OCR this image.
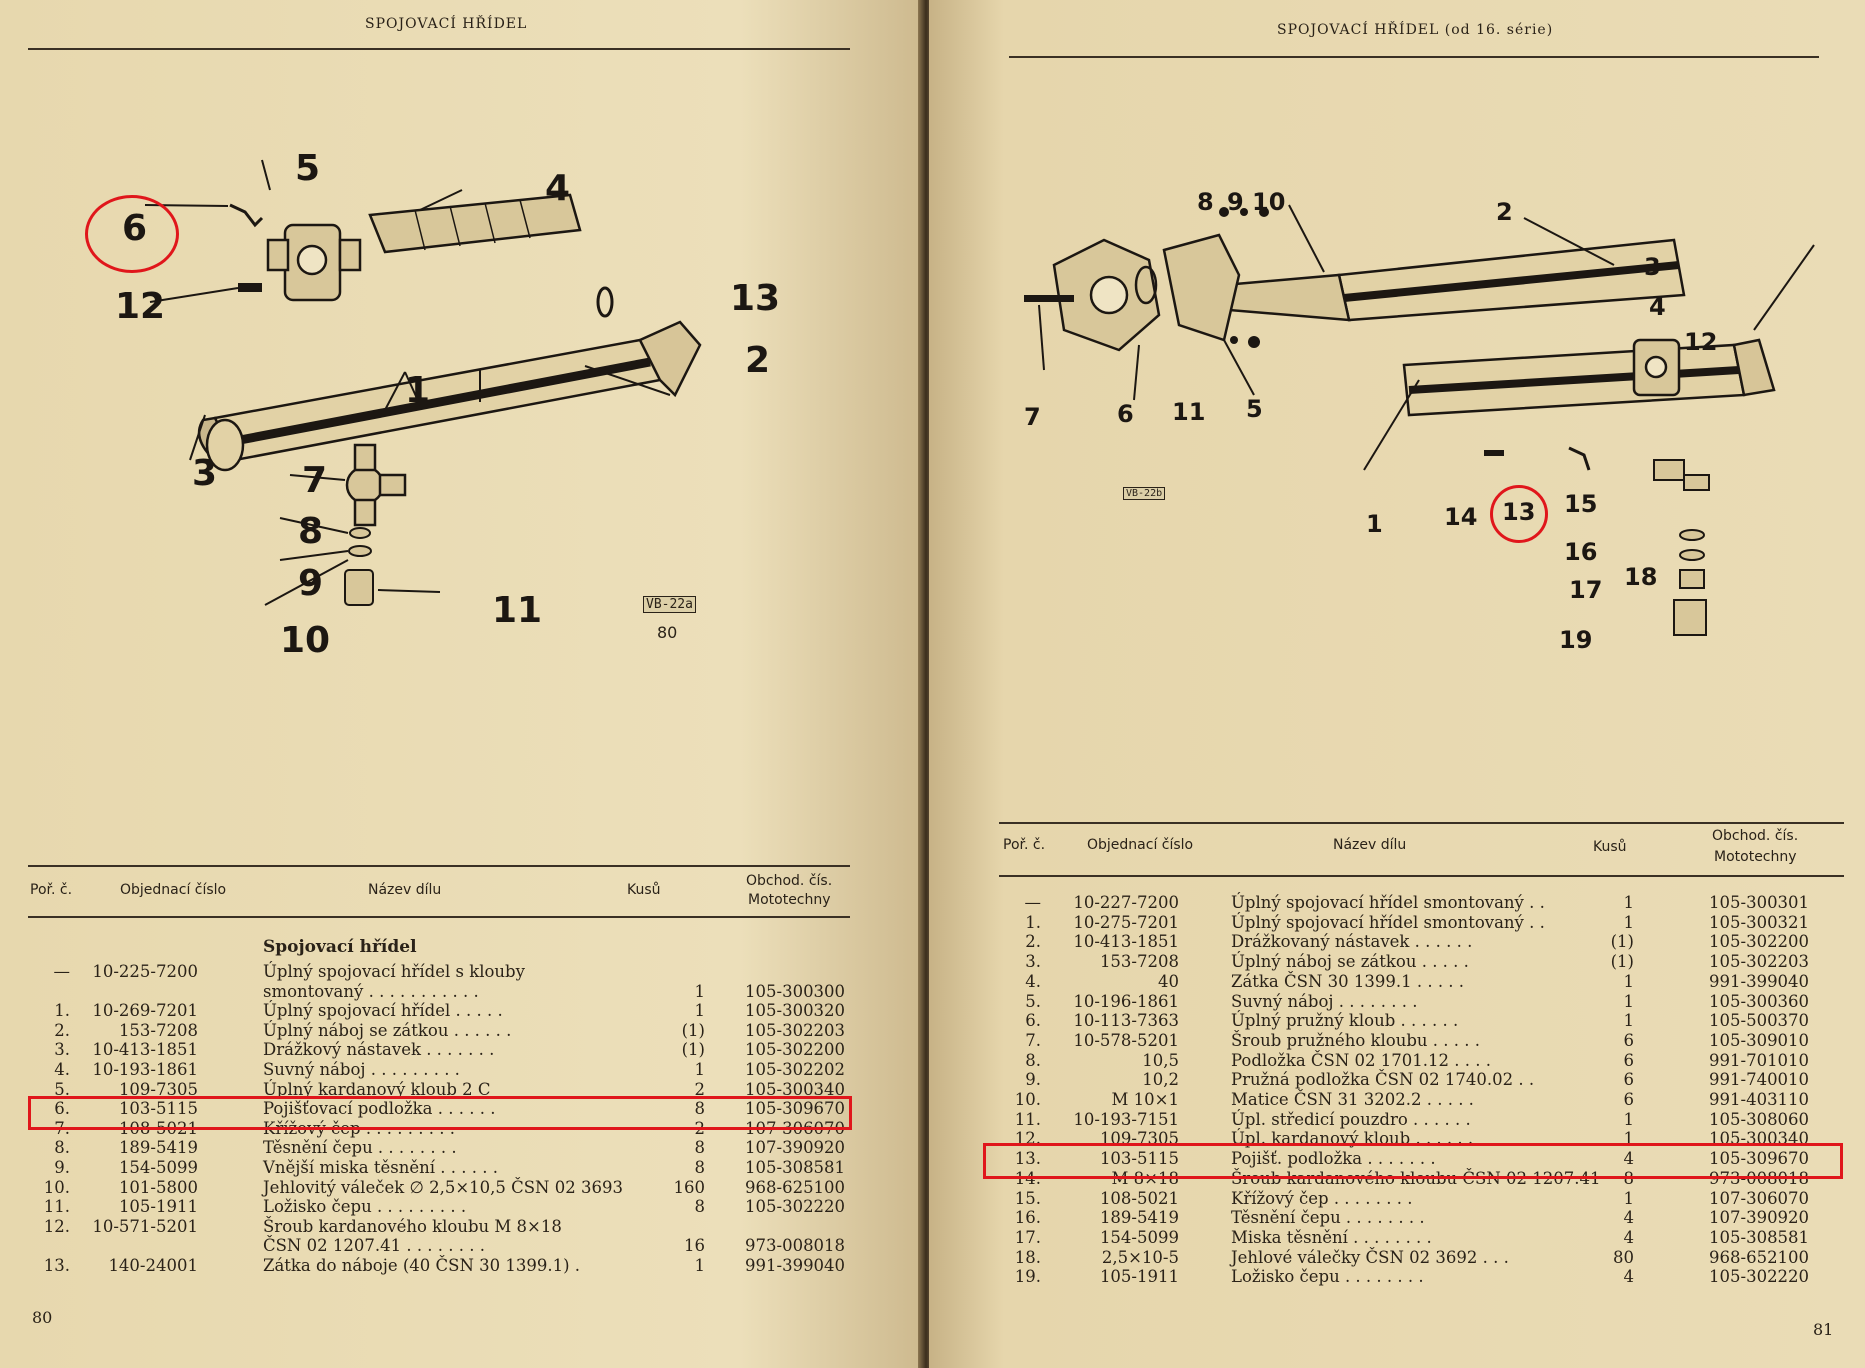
SPOJOVACÍ HŘÍDEL
1
2
3
4
5
6
7
8
9
10
11
12	13
VB-22a
80
Poř. č.	Objednací číslo	Název dílu	Kusů
Obchod. čís.
Mototechny
Spojovací hřídel
— 10-225-7200	Úplný spojovací hřídel s klouby
smontovaný . . . . . . . . . . .	1 105-300300
1. 10-269-7201	Úplný spojovací hřídel . . . . .	1 105-300320
2.	153-7208	Úplný náboj se zátkou . . . . . .	(1) 105-302203
3. 10-413-1851	Drážkový nástavek . . . . . . .	(1) 105-302200
4. 10-193-1861	Suvný náboj . . . . . . . . .	1 105-302202
5.	109-7305	Úplný kardanový kloub 2 C	2 105-300340
6.	103-5115	Pojišťovací podložka . . . . . .	8 105-309670
7.	108-5021	Křížový čep . . . . . . . . .	2 107-306070
8.	189-5419	Těsnění čepu . . . . . . . .	8 107-390920
9.	154-5099	Vnější miska těsnění . . . . . .	8 105-308581
10.	101-5800	Jehlovitý váleček ∅ 2,5×10,5 ČSN 02 3693	160 968-625100
11.	105-1911	Ložisko čepu . . . . . . . . .	8 105-302220
12. 10-571-5201	Šroub kardanového kloubu M 8×18
ČSN 02 1207.41 . . . . . . . .	16 973-008018
13.	140-24001	Zátka do náboje (40 ČSN 30 1399.1) .	1 991-399040
80
SPOJOVACÍ HŘÍDEL (od 16. série)
1
2
3
4
5
6
7
8 9 10
11
12
13
14	15
16
17 18
19
VB-22b
Poř. č.	Objednací číslo	Název dílu	Kusů
Obchod. čís.
Mototechny
—	10-227-7200	Úplný spojovací hřídel smontovaný . .	1	105-300301
1.	10-275-7201	Úplný spojovací hřídel smontovaný . .	1	105-300321
2.	10-413-1851	Drážkovaný nástavek . . . . . .	(1)	105-302200
3.	153-7208	Úplný náboj se zátkou . . . . .	(1)	105-302203
4.	40	Zátka ČSN 30 1399.1 . . . . .	1	991-399040
5.	10-196-1861	Suvný náboj . . . . . . . .	1	105-300360
6.	10-113-7363	Úplný pružný kloub . . . . . .	1	105-500370
7.	10-578-5201	Šroub pružného kloubu . . . . .	6	105-309010
8.	10,5	Podložka ČSN 02 1701.12 . . . .	6	991-701010
9.	10,2	Pružná podložka ČSN 02 1740.02 . .	6	991-740010
10.	M 10×1	Matice ČSN 31 3202.2 . . . . .	6	991-403110
11.	10-193-7151	Úpl. středicí pouzdro . . . . . .	1	105-308060
12.	109-7305	Úpl. kardanový kloub . . . . . .	1	105-300340
13.	103-5115	Pojišť. podložka . . . . . . .	4	105-309670
14.	M 8×18	Šroub kardanového kloubu ČSN 02 1207.41	8	973-008018
15.	108-5021	Křížový čep . . . . . . . .	1	107-306070
16.	189-5419	Těsnění čepu . . . . . . . .	4	107-390920
17.	154-5099	Miska těsnění . . . . . . . .	4	105-308581
18.	2,5×10-5	Jehlové válečky ČSN 02 3692 . . .	80	968-652100
19.	105-1911	Ložisko čepu . . . . . . . .	4	105-302220
81
